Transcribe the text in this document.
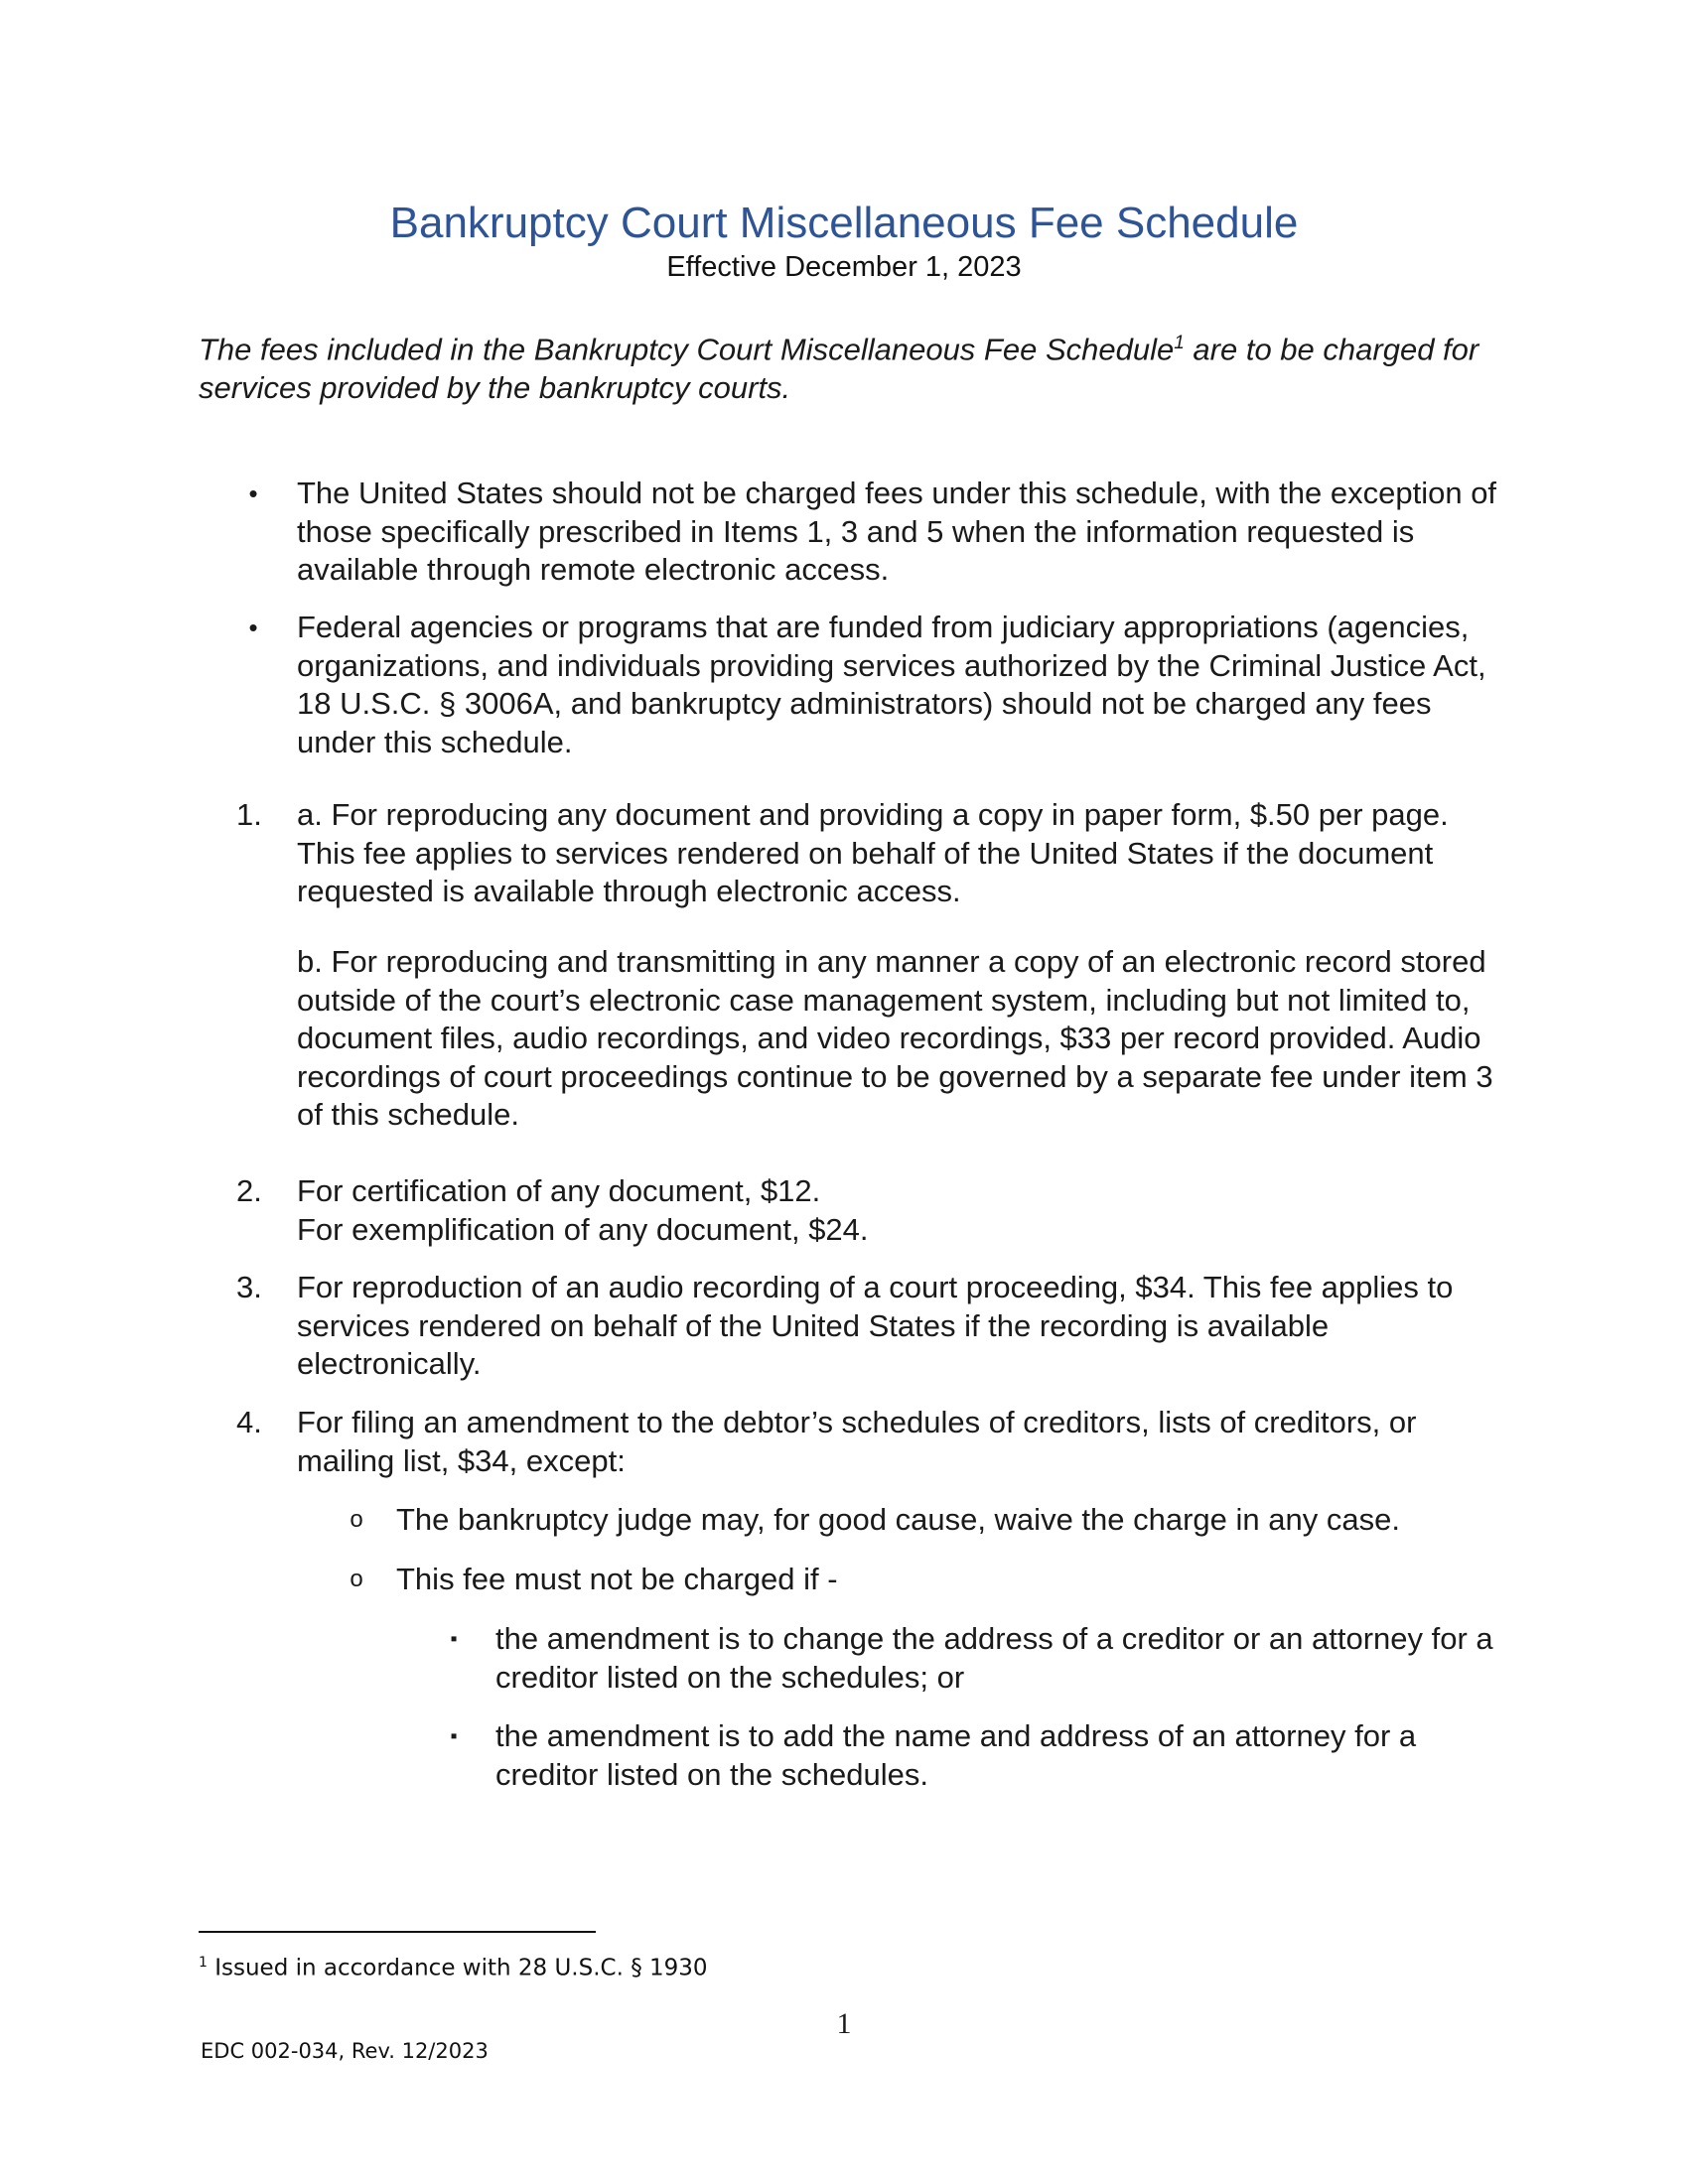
Bankruptcy Court Miscellaneous Fee Schedule
Effective December 1, 2023
The fees included in the Bankruptcy Court Miscellaneous Fee Schedule$^1$ are to be charged for services provided by the bankruptcy courts.
•	The United States should not be charged fees under this schedule, with the exception of those specifically prescribed in Items 1, 3 and 5 when the information requested is available through remote electronic access.
•	Federal agencies or programs that are funded from judiciary appropriations (agencies, organizations, and individuals providing services authorized by the Criminal Justice Act, 18 U.S.C. § 3006A, and bankruptcy administrators) should not be charged any fees under this schedule.
1.	a. For reproducing any document and providing a copy in paper form, $.50 per page. This fee applies to services rendered on behalf of the United States if the document requested is available through electronic access.
b. For reproducing and transmitting in any manner a copy of an electronic record stored outside of the court’s electronic case management system, including but not limited to, document files, audio recordings, and video recordings, $33 per record provided. Audio recordings of court proceedings continue to be governed by a separate fee under item 3 of this schedule.
2.	For certification of any document, $12.
For exemplification of any document, $24.
3.	For reproduction of an audio recording of a court proceeding, $34. This fee applies to services rendered on behalf of the United States if the recording is available electronically.
4.	For filing an amendment to the debtor’s schedules of creditors, lists of creditors, or mailing list, $34, except:
o The bankruptcy judge may, for good cause, waive the charge in any case.
o This fee must not be charged if -
▪	the amendment is to change the address of a creditor or an attorney for a creditor listed on the schedules; or
▪	the amendment is to add the name and address of an attorney for a creditor listed on the schedules.
$^1$ Issued in accordance with 28 U.S.C. § 1930
1
EDC 002-034, Rev. 12/2023
